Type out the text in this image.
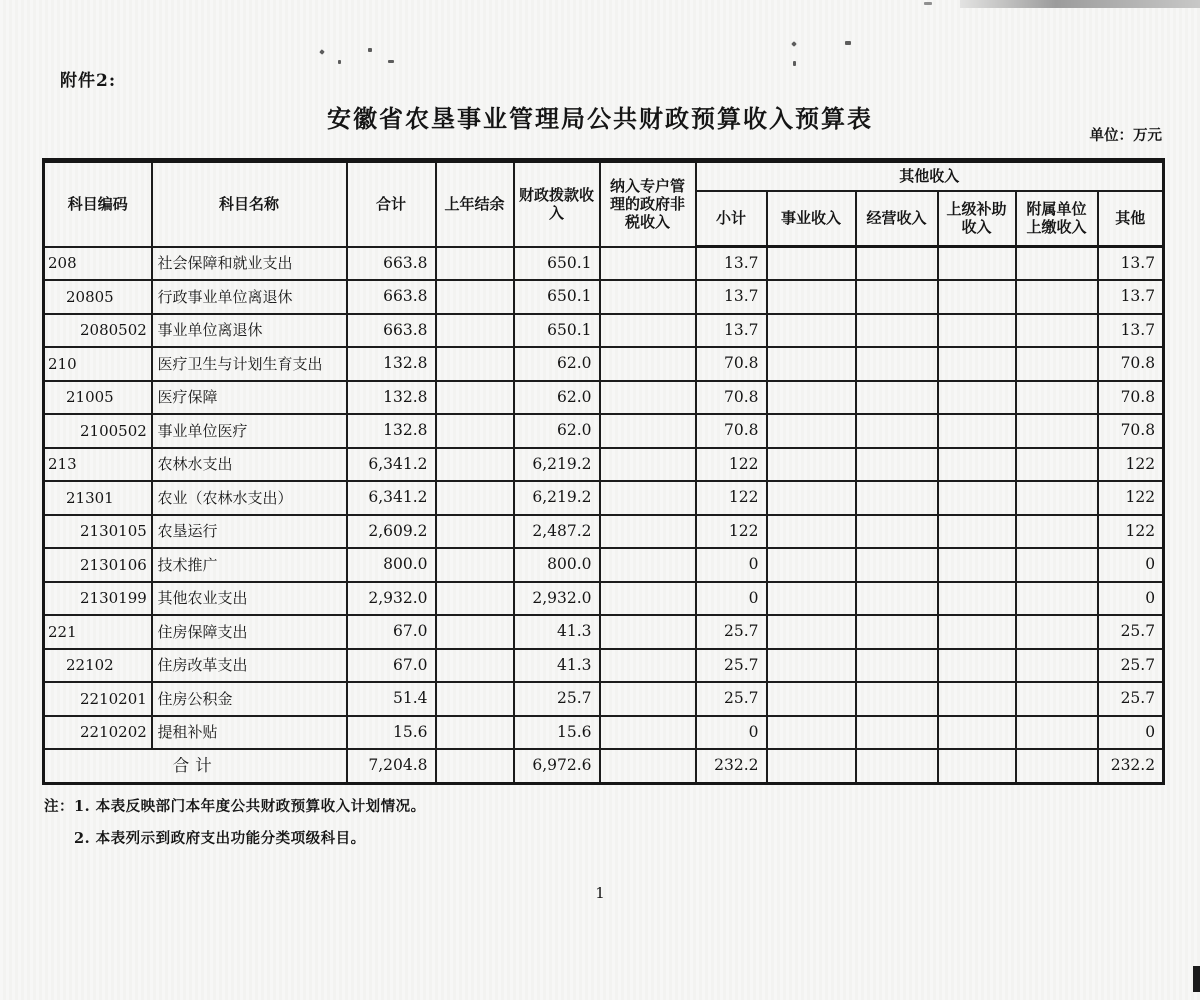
附件2:
安徽省农垦事业管理局公共财政预算收入预算表
单位：万元
科目编码	科目名称	合计	上年结余	财政拨款收入	纳入专户管理的政府非税收入	其他收入					
						小计	事业收入	经营收入	上级补助收入	附属单位上缴收入	其他
208	社会保障和就业支出	663.8		650.1		13.7					13.7
20805	行政事业单位离退休	663.8		650.1		13.7					13.7
2080502	事业单位离退休	663.8		650.1		13.7					13.7
210	医疗卫生与计划生育支出	132.8		62.0		70.8					70.8
21005	医疗保障	132.8		62.0		70.8					70.8
2100502	事业单位医疗	132.8		62.0		70.8					70.8
213	农林水支出	6,341.2		6,219.2		122					122
21301	农业（农林水支出）	6,341.2		6,219.2		122					122
2130105	农垦运行	2,609.2		2,487.2		122					122
2130106	技术推广	800.0		800.0		0					0
2130199	其他农业支出	2,932.0		2,932.0		0					0
221	住房保障支出	67.0		41.3		25.7					25.7
22102	住房改革支出	67.0		41.3		25.7					25.7
2210201	住房公积金	51.4		25.7		25.7					25.7
2210202	提租补贴	15.6		15.6		0					0
合计		7,204.8		6,972.6		232.2					232.2
注：1. 本表反映部门本年度公共财政预算收入计划情况。
2. 本表列示到政府支出功能分类项级科目。
1
